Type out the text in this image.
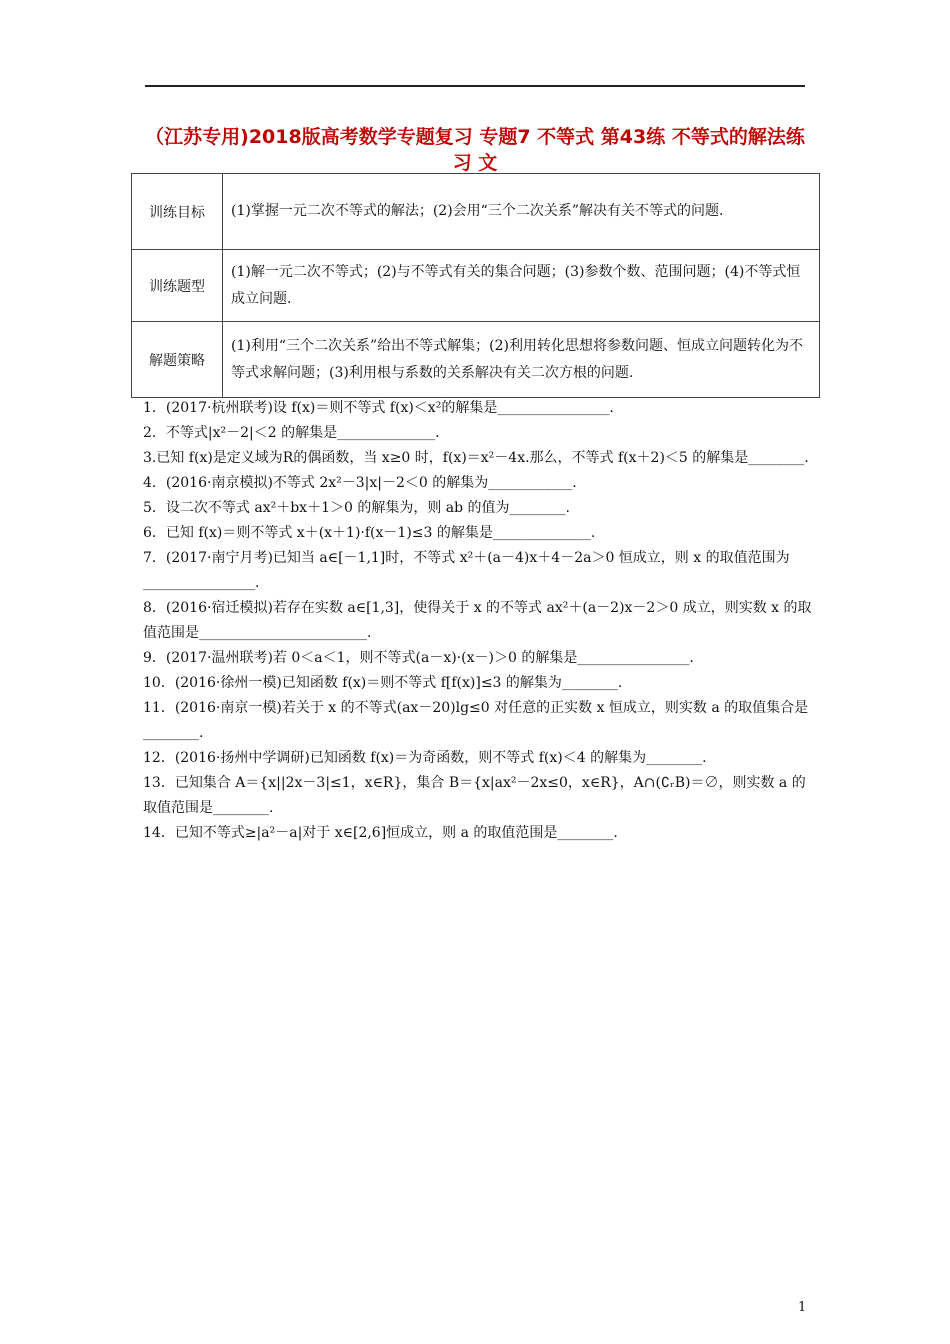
（江苏专用)2018版高考数学专题复习 专题7 不等式 第43练 不等式的解法练习 文
训练目标	(1)掌握一元二次不等式的解法；(2)会用“三个二次关系”解决有关不等式的问题.
训练题型	(1)解一元二次不等式；(2)与不等式有关的集合问题；(3)参数个数、范围问题；(4)不等式恒成立问题.
解题策略	(1)利用“三个二次关系”给出不等式解集；(2)利用转化思想将参数问题、恒成立问题转化为不等式求解问题；(3)利用根与系数的关系解决有关二次方根的问题.

1．(2017·杭州联考)设 f(x)＝则不等式 f(x)＜x²的解集是________________.

2．不等式|x²－2|＜2 的解集是______________.

3.已知 f(x)是定义域为R的偶函数，当 x≥0 时，f(x)＝x²－4x.那么，不等式 f(x＋2)＜5 的解集是________.

4．(2016·南京模拟)不等式 2x²－3|x|－2＜0 的解集为____________.

5．设二次不等式 ax²＋bx＋1＞0 的解集为，则 ab 的值为________.

6．已知 f(x)＝则不等式 x＋(x＋1)·f(x－1)≤3 的解集是______________.

7．(2017·南宁月考)已知当 a∈[－1,1]时，不等式 x²＋(a－4)x＋4－2a＞0 恒成立，则 x 的取值范围为________________.

8．(2016·宿迁模拟)若存在实数 a∈[1,3]，使得关于 x 的不等式 ax²＋(a－2)x－2＞0 成立，则实数 x 的取值范围是________________________.

9．(2017·温州联考)若 0＜a＜1，则不等式(a－x)·(x－)＞0 的解集是________________.

10．(2016·徐州一模)已知函数 f(x)＝则不等式 f[f(x)]≤3 的解集为________.

11．(2016·南京一模)若关于 x 的不等式(ax－20)lg≤0 对任意的正实数 x 恒成立，则实数 a 的取值集合是________.

12．(2016·扬州中学调研)已知函数 f(x)＝为奇函数，则不等式 f(x)＜4 的解集为________.

13．已知集合 A＝{x||2x－3|≤1，x∈R}，集合 B＝{x|ax²－2x≤0，x∈R}，A∩(∁ᵣB)＝∅，则实数 a 的取值范围是________.

14．已知不等式≥|a²－a|对于 x∈[2,6]恒成立，则 a 的取值范围是________.

1
